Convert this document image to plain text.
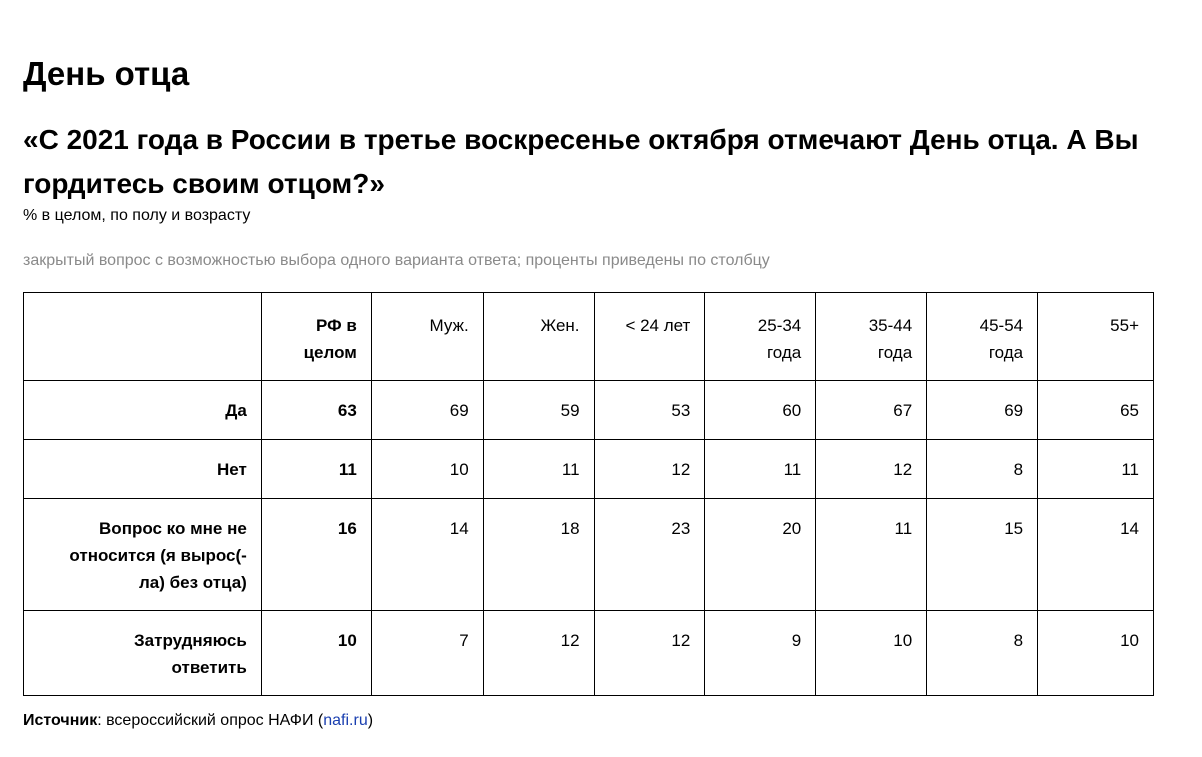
День отца
«С 2021 года в России в третье воскресенье октября отмечают День отца. А Вы гордитесь своим отцом?»
% в целом, по полу и возрасту
закрытый вопрос с возможностью выбора одного варианта ответа; проценты приведены по столбцу
	РФ в целом	Муж.	Жен.	< 24 лет	25-34 года	35-44 года	45-54 года	55+
Да	63	69	59	53	60	67	69	65
Нет	11	10	11	12	11	12	8	11
Вопрос ко мне не относится (я вырос(-ла) без отца)	16	14	18	23	20	11	15	14
Затрудняюсь ответить	10	7	12	12	9	10	8	10
Источник: всероссийский опрос НАФИ (nafi.ru)
